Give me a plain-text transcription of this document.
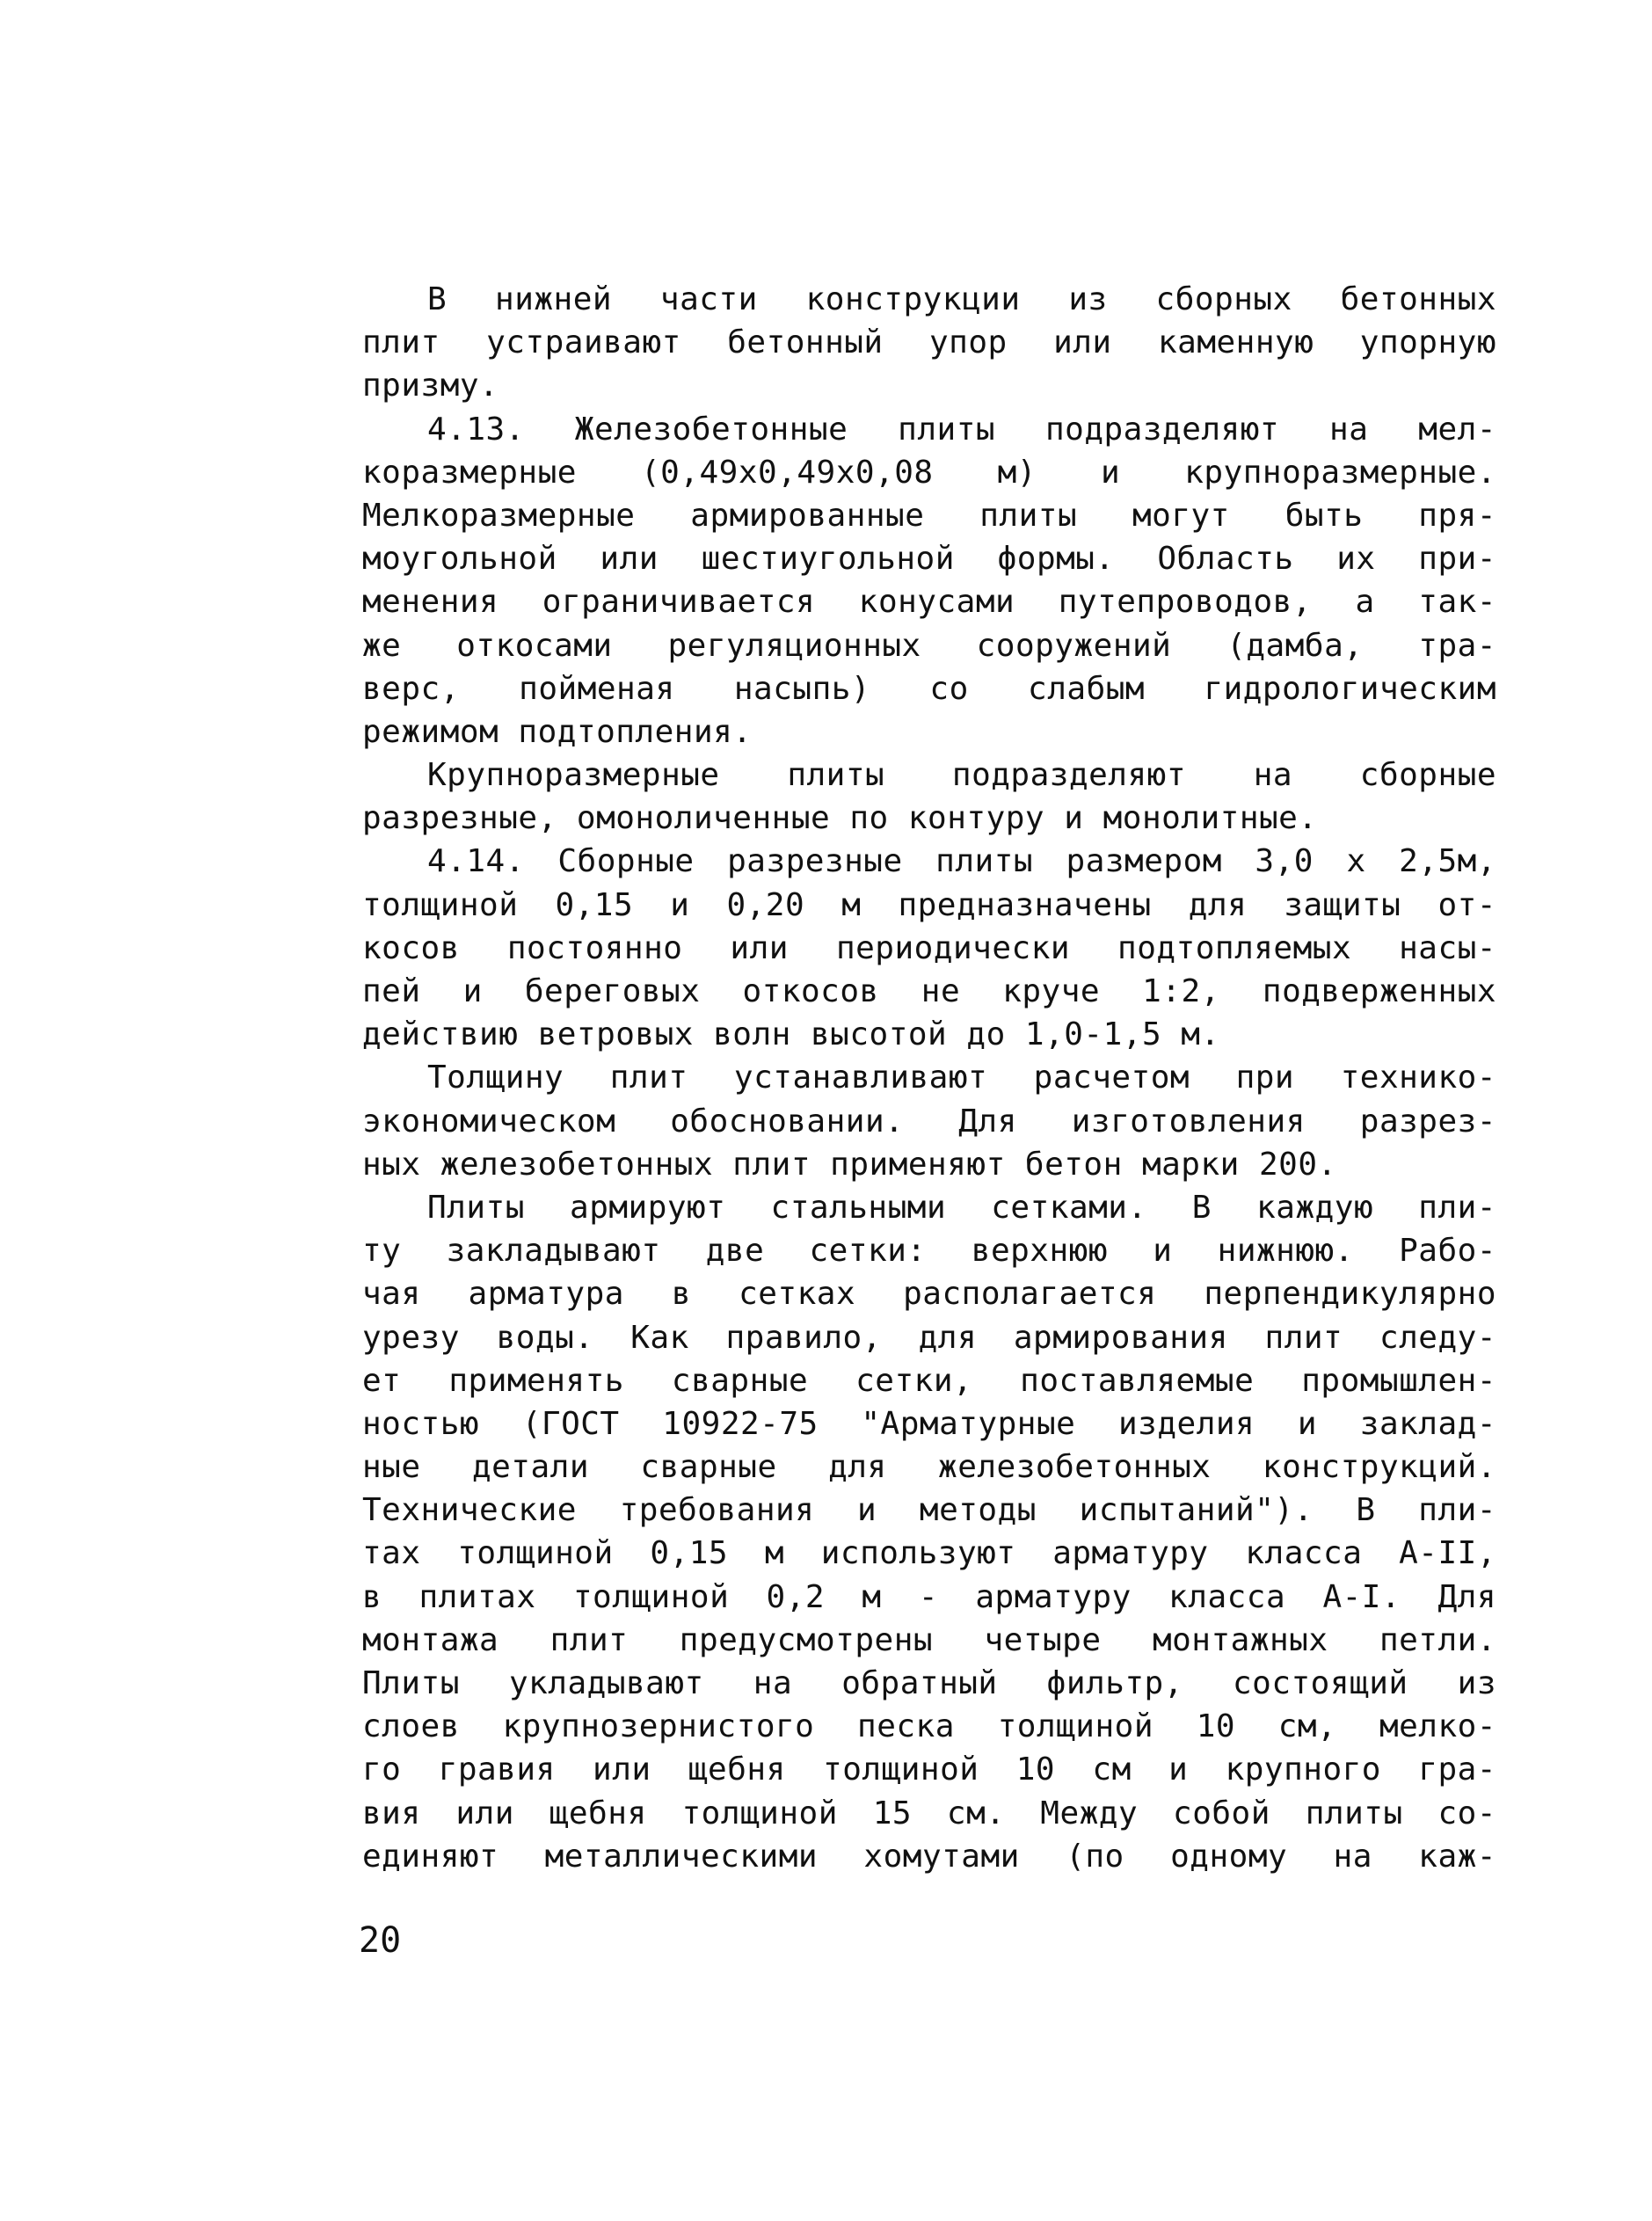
В нижней части конструкции из сборных бетонных
плит устраивают бетонный упор или каменную упорную
призму.
4.13. Железобетонные плиты подразделяют на мел-
коразмерные (0,49х0,49х0,08 м) и крупноразмерные.
Мелкоразмерные армированные плиты могут быть пря-
моугольной или шестиугольной формы. Область их при-
менения ограничивается конусами путепроводов, а так-
же откосами регуляционных сооружений (дамба, тра-
верс, пойменая насыпь) со слабым гидрологическим
режимом подтопления.
Крупноразмерные плиты подразделяют на сборные
разрезные, омоноличенные по контуру и монолитные.
4.14. Сборные разрезные плиты размером 3,0 х 2,5м,
толщиной 0,15 и 0,20 м предназначены для защиты от-
косов постоянно или периодически подтопляемых насы-
пей и береговых откосов не круче 1:2, подверженных
действию ветровых волн высотой до 1,0-1,5 м.
Толщину плит устанавливают расчетом при технико-
экономическом обосновании. Для изготовления разрез-
ных железобетонных плит применяют бетон марки 200.
Плиты армируют стальными сетками. В каждую пли-
ту закладывают две сетки: верхнюю и нижнюю. Рабо-
чая арматура в сетках располагается перпендикулярно
урезу воды. Как правило, для армирования плит следу-
ет применять сварные сетки, поставляемые промышлен-
ностью (ГОСТ 10922-75 "Арматурные изделия и заклад-
ные детали сварные для железобетонных конструкций.
Технические требования и методы испытаний"). В пли-
тах толщиной 0,15 м используют арматуру класса А-II,
в плитах толщиной 0,2 м - арматуру класса А-I. Для
монтажа плит предусмотрены четыре монтажных петли.
Плиты укладывают на обратный фильтр, состоящий из
слоев крупнозернистого песка толщиной 10 см, мелко-
го гравия или щебня толщиной 10 см и крупного гра-
вия или щебня толщиной 15 см. Между собой плиты со-
единяют металлическими хомутами (по одному на каж-
20
